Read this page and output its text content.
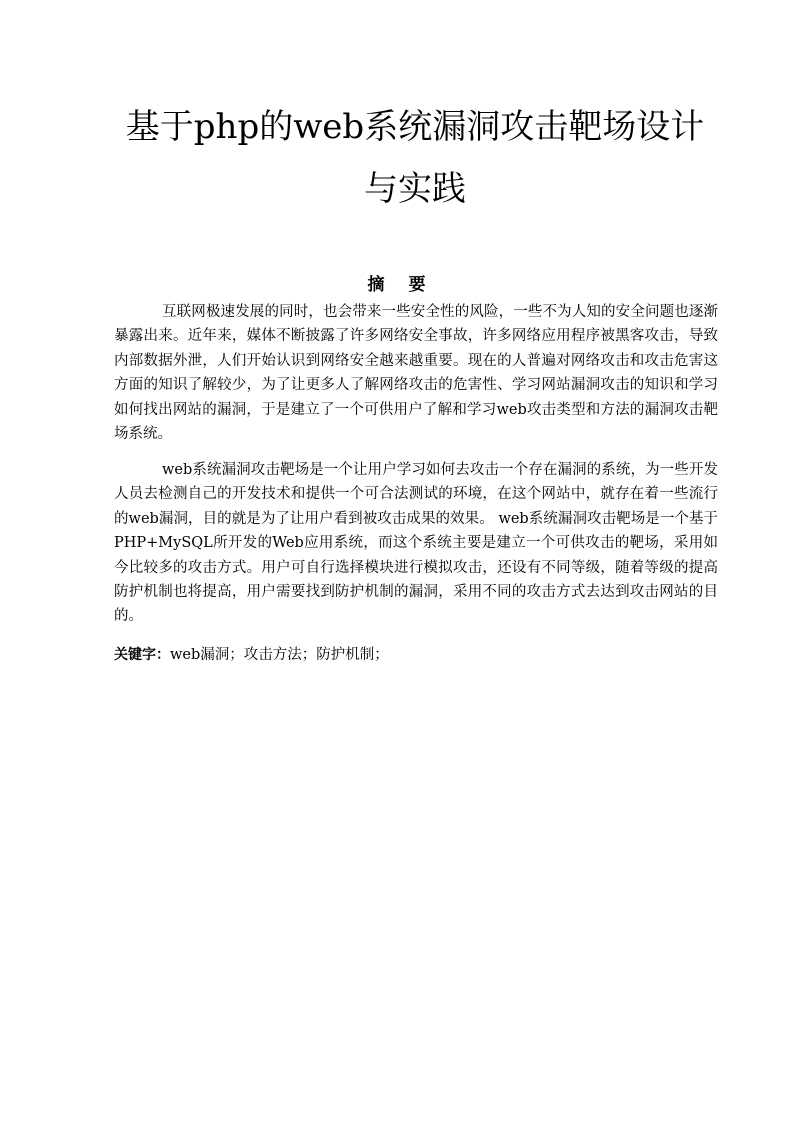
基于php的web系统漏洞攻击靶场设计
与实践
摘要

互联网极速发展的同时，也会带来一些安全性的风险，一些不为人知的安全问题也逐渐暴露出来。近年来，媒体不断披露了许多网络安全事故，许多网络应用程序被黑客攻击，导致内部数据外泄，人们开始认识到网络安全越来越重要。现在的人普遍对网络攻击和攻击危害这方面的知识了解较少，为了让更多人了解网络攻击的危害性、学习网站漏洞攻击的知识和学习如何找出网站的漏洞，于是建立了一个可供用户了解和学习web攻击类型和方法的漏洞攻击靶场系统。

web系统漏洞攻击靶场是一个让用户学习如何去攻击一个存在漏洞的系统，为一些开发人员去检测自己的开发技术和提供一个可合法测试的环境，在这个网站中，就存在着一些流行的web漏洞，目的就是为了让用户看到被攻击成果的效果。 web系统漏洞攻击靶场是一个基于PHP+MySQL所开发的Web应用系统，而这个系统主要是建立一个可供攻击的靶场，采用如今比较多的攻击方式。用户可自行选择模块进行模拟攻击，还设有不同等级，随着等级的提高防护机制也将提高，用户需要找到防护机制的漏洞，采用不同的攻击方式去达到攻击网站的目的。

关键字：web漏洞；攻击方法；防护机制；
